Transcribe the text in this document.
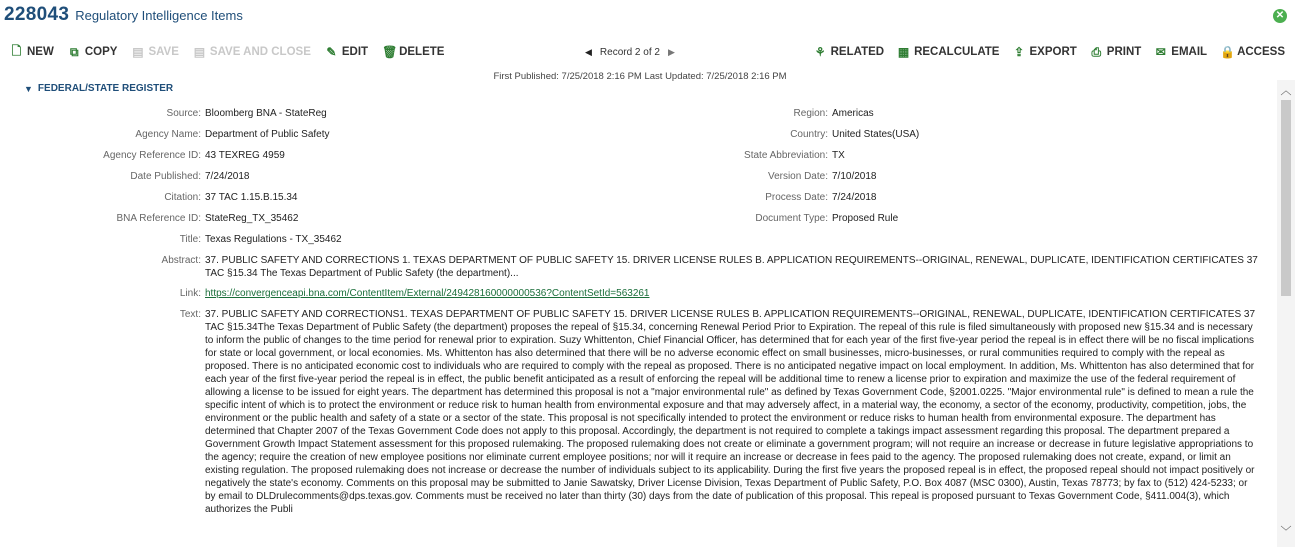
228043 Regulatory Intelligence Items	✕
🗋 NEW ⧉ COPY ▤ SAVE ▤ SAVE AND CLOSE ✎ EDIT 🗑 DELETE	◀ Record 2 of 2 ▶	⚘ RELATED ▦ RECALCULATE ⇪ EXPORT ⎙ PRINT ✉ EMAIL 🔒 ACCESS
First Published: 7/25/2018 2:16 PM Last Updated: 7/25/2018 2:16 PM
▼ FEDERAL/STATE REGISTER
Source: Bloomberg BNA - StateReg
Agency Name: Department of Public Safety
Agency Reference ID: 43 TEXREG 4959
Date Published: 7/24/2018
Citation: 37 TAC 1.15.B.15.34
BNA Reference ID: StateReg_TX_35462
Region: Americas
Country: United States(USA)
State Abbreviation: TX
Version Date: 7/10/2018
Process Date: 7/24/2018
Document Type: Proposed Rule
Title: Texas Regulations - TX_35462
Abstract: 37. PUBLIC SAFETY AND CORRECTIONS 1. TEXAS DEPARTMENT OF PUBLIC SAFETY 15. DRIVER LICENSE RULES B. APPLICATION REQUIREMENTS--ORIGINAL, RENEWAL, DUPLICATE, IDENTIFICATION CERTIFICATES 37 TAC §15.34 The Texas Department of Public Safety (the department)...
Link: https://convergenceapi.bna.com/ContentItem/External/249428160000000536?ContentSetId=563261
Text: 37. PUBLIC SAFETY AND CORRECTIONS1. TEXAS DEPARTMENT OF PUBLIC SAFETY 15. DRIVER LICENSE RULES B. APPLICATION REQUIREMENTS--ORIGINAL, RENEWAL, DUPLICATE, IDENTIFICATION CERTIFICATES 37 TAC §15.34The Texas Department of Public Safety (the department) proposes the repeal of §15.34, concerning Renewal Period Prior to Expiration. The repeal of this rule is filed simultaneously with proposed new §15.34 and is necessary to inform the public of changes to the time period for renewal prior to expiration. Suzy Whittenton, Chief Financial Officer, has determined that for each year of the first five-year period the repeal is in effect there will be no fiscal implications for state or local government, or local economies. Ms. Whittenton has also determined that there will be no adverse economic effect on small businesses, micro-businesses, or rural communities required to comply with the repeal as proposed. There is no anticipated economic cost to individuals who are required to comply with the repeal as proposed. There is no anticipated negative impact on local employment. In addition, Ms. Whittenton has also determined that for each year of the first five-year period the repeal is in effect, the public benefit anticipated as a result of enforcing the repeal will be additional time to renew a license prior to expiration and maximize the use of the federal requirement of allowing a license to be issued for eight years. The department has determined this proposal is not a "major environmental rule" as defined by Texas Government Code, §2001.0225. "Major environmental rule" is defined to mean a rule the specific intent of which is to protect the environment or reduce risk to human health from environmental exposure and that may adversely affect, in a material way, the economy, a sector of the economy, productivity, competition, jobs, the environment or the public health and safety of a state or a sector of the state. This proposal is not specifically intended to protect the environment or reduce risks to human health from environmental exposure. The department has determined that Chapter 2007 of the Texas Government Code does not apply to this proposal. Accordingly, the department is not required to complete a takings impact assessment regarding this proposal. The department prepared a Government Growth Impact Statement assessment for this proposed rulemaking. The proposed rulemaking does not create or eliminate a government program; will not require an increase or decrease in future legislative appropriations to the agency; require the creation of new employee positions nor eliminate current employee positions; nor will it require an increase or decrease in fees paid to the agency. The proposed rulemaking does not create, expand, or limit an existing regulation. The proposed rulemaking does not increase or decrease the number of individuals subject to its applicability. During the first five years the proposed repeal is in effect, the proposed repeal should not impact positively or negatively the state's economy. Comments on this proposal may be submitted to Janie Sawatsky, Driver License Division, Texas Department of Public Safety, P.O. Box 4087 (MSC 0300), Austin, Texas 78773; by fax to (512) 424-5233; or by email to DLDrulecomments@dps.texas.gov. Comments must be received no later than thirty (30) days from the date of publication of this proposal. This repeal is proposed pursuant to Texas Government Code, §411.004(3), which authorizes the Publi
︿
﹀
